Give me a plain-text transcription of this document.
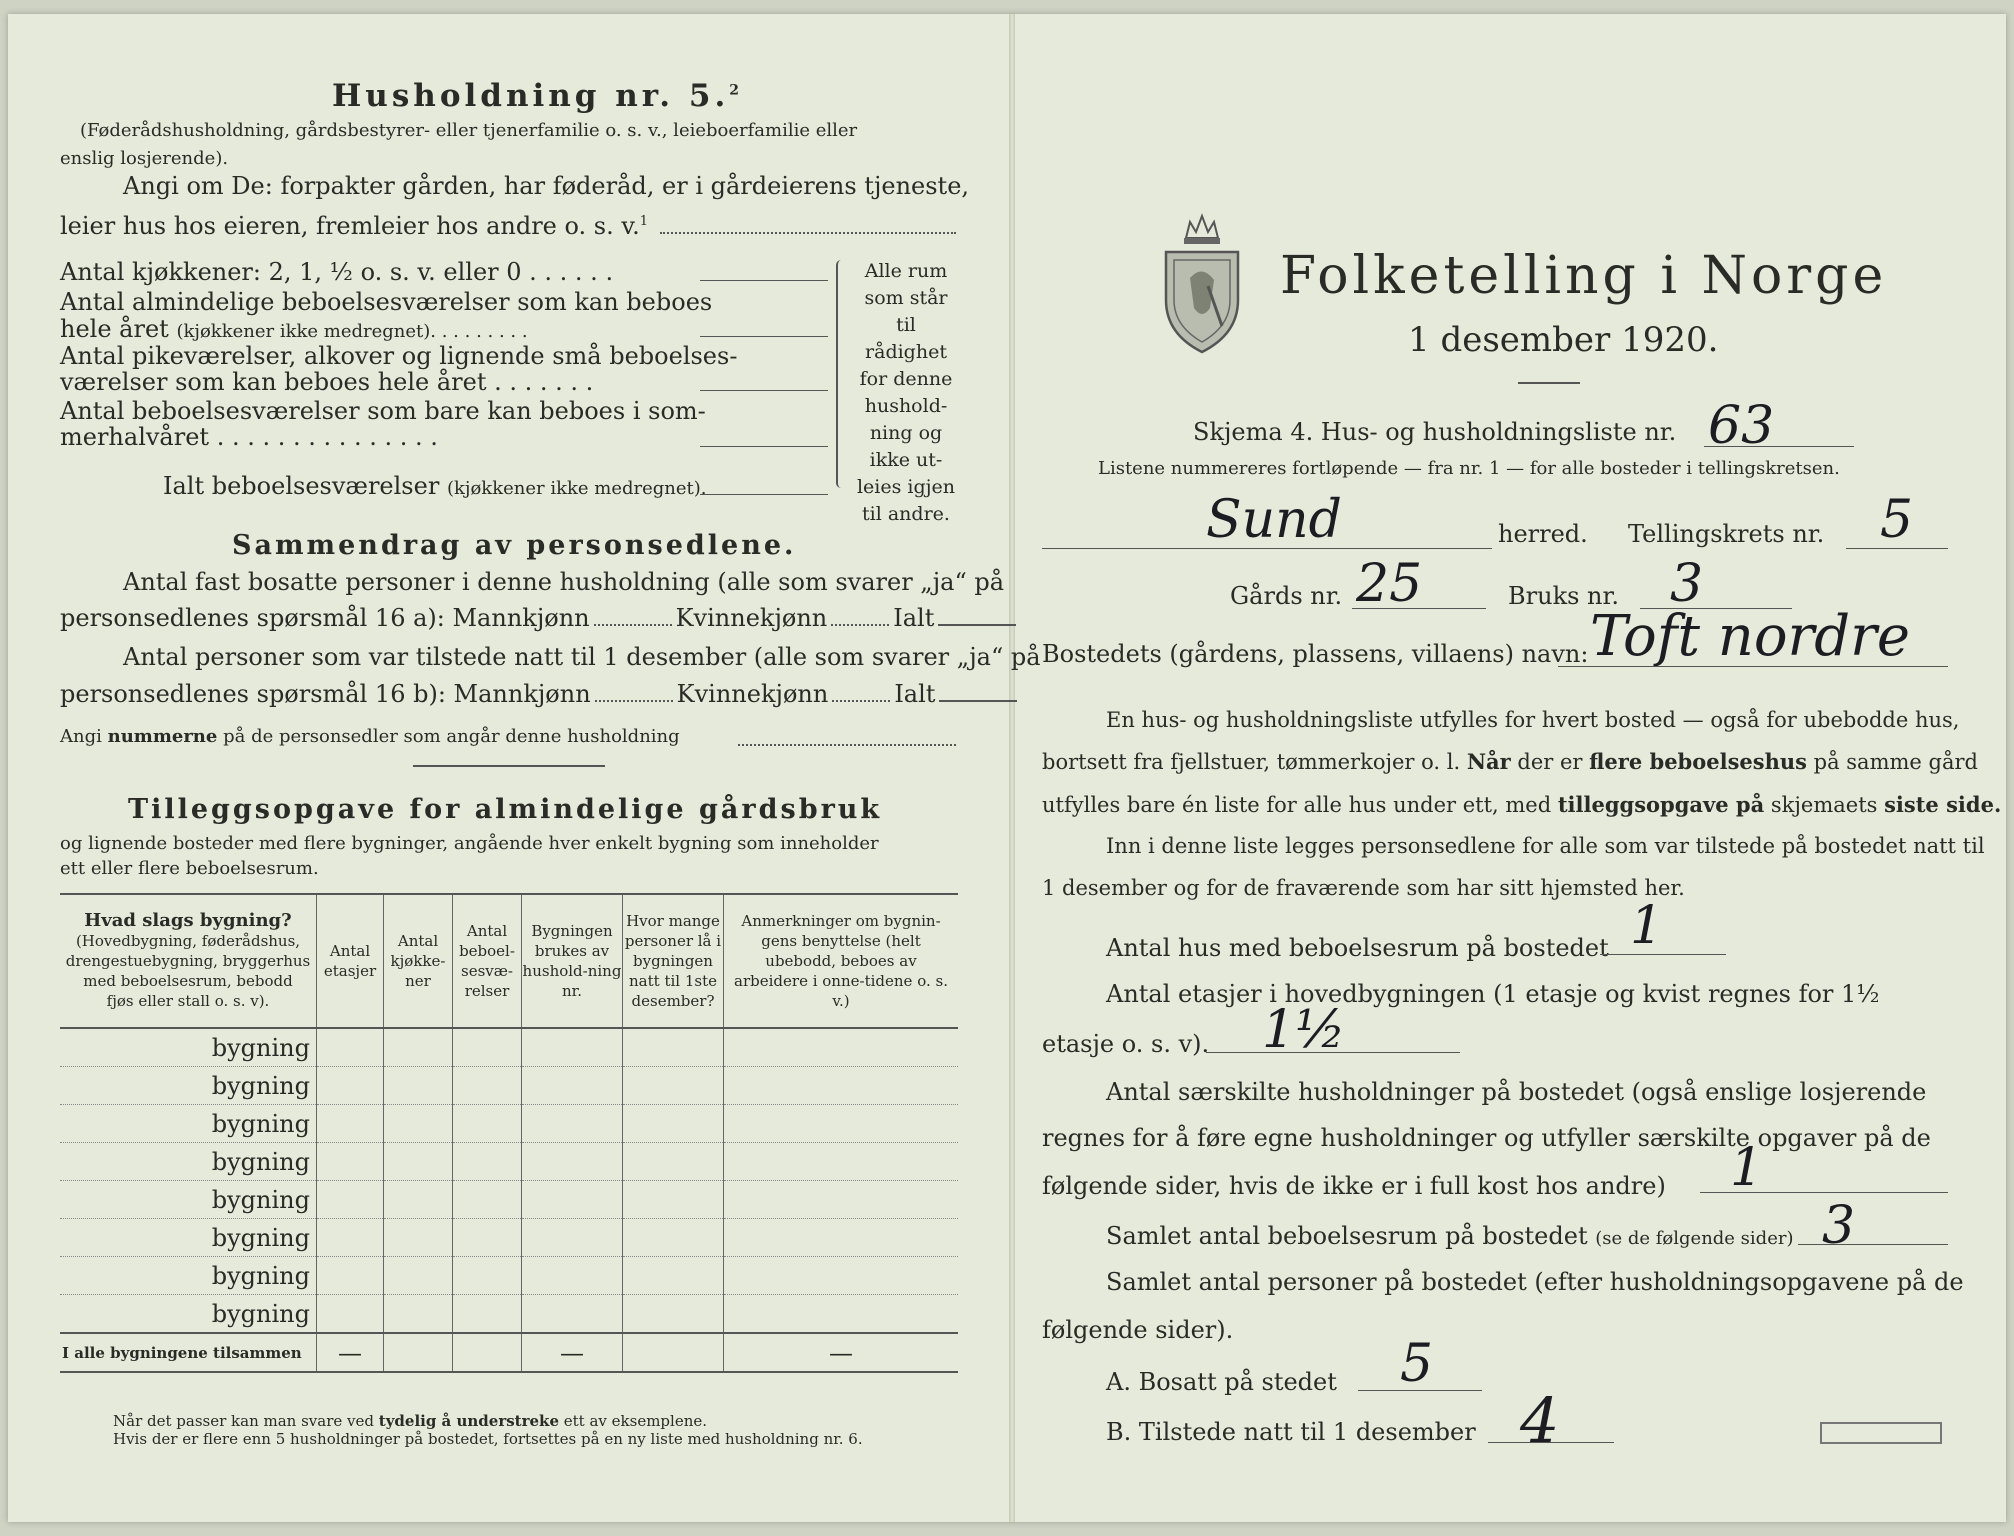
Husholdning nr. 5.$^2$
(Føderådshusholdning, gårdsbestyrer- eller tjenerfamilie o. s. v., leieboerfamilie eller
enslig losjerende).
Angi om De: forpakter gården, har føderåd, er i gårdeierens tjeneste,
leier hus hos eieren, fremleier hos andre o. s. v.$^1$
Antal kjøkkener: 2, 1, ½ o. s. v. eller 0 . . . . . .
Antal almindelige beboelsesværelser som kan beboes
hele året (kjøkkener ikke medregnet). . . . . . . . .
Antal pikeværelser, alkover og lignende små beboelses-
værelser som kan beboes hele året . . . . . . .
Antal beboelsesværelser som bare kan beboes i som-
merhalvåret . . . . . . . . . . . . . . .
Ialt beboelsesværelser (kjøkkener ikke medregnet).
Alle rum
som står til
rådighet
for denne
hushold-
ning og
ikke ut-
leies igjen
til andre.
Sammendrag av personsedlene.
Antal fast bosatte personer i denne husholdning (alle som svarer „ja“ på
personsedlenes spørsmål 16 a): Mannkjønn	Kvinnekjønn	Ialt
Antal personer som var tilstede natt til 1 desember (alle som svarer „ja“ på
personsedlenes spørsmål 16 b): Mannkjønn	Kvinnekjønn	Ialt
Angi nummerne på de personsedler som angår denne husholdning
Tilleggsopgave for almindelige gårdsbruk
og lignende bosteder med flere bygninger, angående hver enkelt bygning som inneholder
ett eller flere beboelsesrum.
Hvad slags bygning?
(Hovedbygning, føderådshus,
drengestuebygning, bryggerhus
med beboelsesrum, bebodd
fjøs eller stall o. s. v).	Antal etasjer	Antal kjøkke-ner	Antal beboel-sesvæ-relser	Bygningen brukes av hushold-ning nr.	Hvor mange personer lå i bygningen natt til 1ste desember?	Anmerkninger om bygnin-gens benyttelse (helt ubebodd, beboes av arbeidere i onne-tidene o. s. v.)
bygning						
bygning						
bygning						
bygning						
bygning						
bygning						
bygning						
bygning						
I alle bygningene tilsammen	—			—		—
Når det passer kan man svare ved tydelig å understreke ett av eksemplene.
Hvis der er flere enn 5 husholdninger på bostedet, fortsettes på en ny liste med husholdning nr. 6.
Folketelling i Norge
1 desember 1920.
Skjema 4. Hus- og husholdningsliste nr. 63
Listene nummereres fortløpende — fra nr. 1 — for alle bosteder i tellingskretsen.
Sund	herred. Tellingskrets nr. 5
Gårds nr. 25	Bruks nr. 3
Bostedets (gårdens, plassens, villaens) navn: Toft nordre
En hus- og husholdningsliste utfylles for hvert bosted — også for ubebodde hus,
bortsett fra fjellstuer, tømmerkojer o. l. Når der er flere beboelseshus på samme gård
utfylles bare én liste for alle hus under ett, med tilleggsopgave på skjemaets siste side.
Inn i denne liste legges personsedlene for alle som var tilstede på bostedet natt til
1 desember og for de fraværende som har sitt hjemsted her.
Antal hus med beboelsesrum på bostedet 1
Antal etasjer i hovedbygningen (1 etasje og kvist regnes for 1½
etasje o. s. v). 1½
Antal særskilte husholdninger på bostedet (også enslige losjerende
regnes for å føre egne husholdninger og utfyller særskilte opgaver på de
følgende sider, hvis de ikke er i full kost hos andre) 1
Samlet antal beboelsesrum på bostedet (se de følgende sider) 3
Samlet antal personer på bostedet (efter husholdningsopgavene på de
følgende sider).
A. Bosatt på stedet 5
B. Tilstede natt til 1 desember 4
